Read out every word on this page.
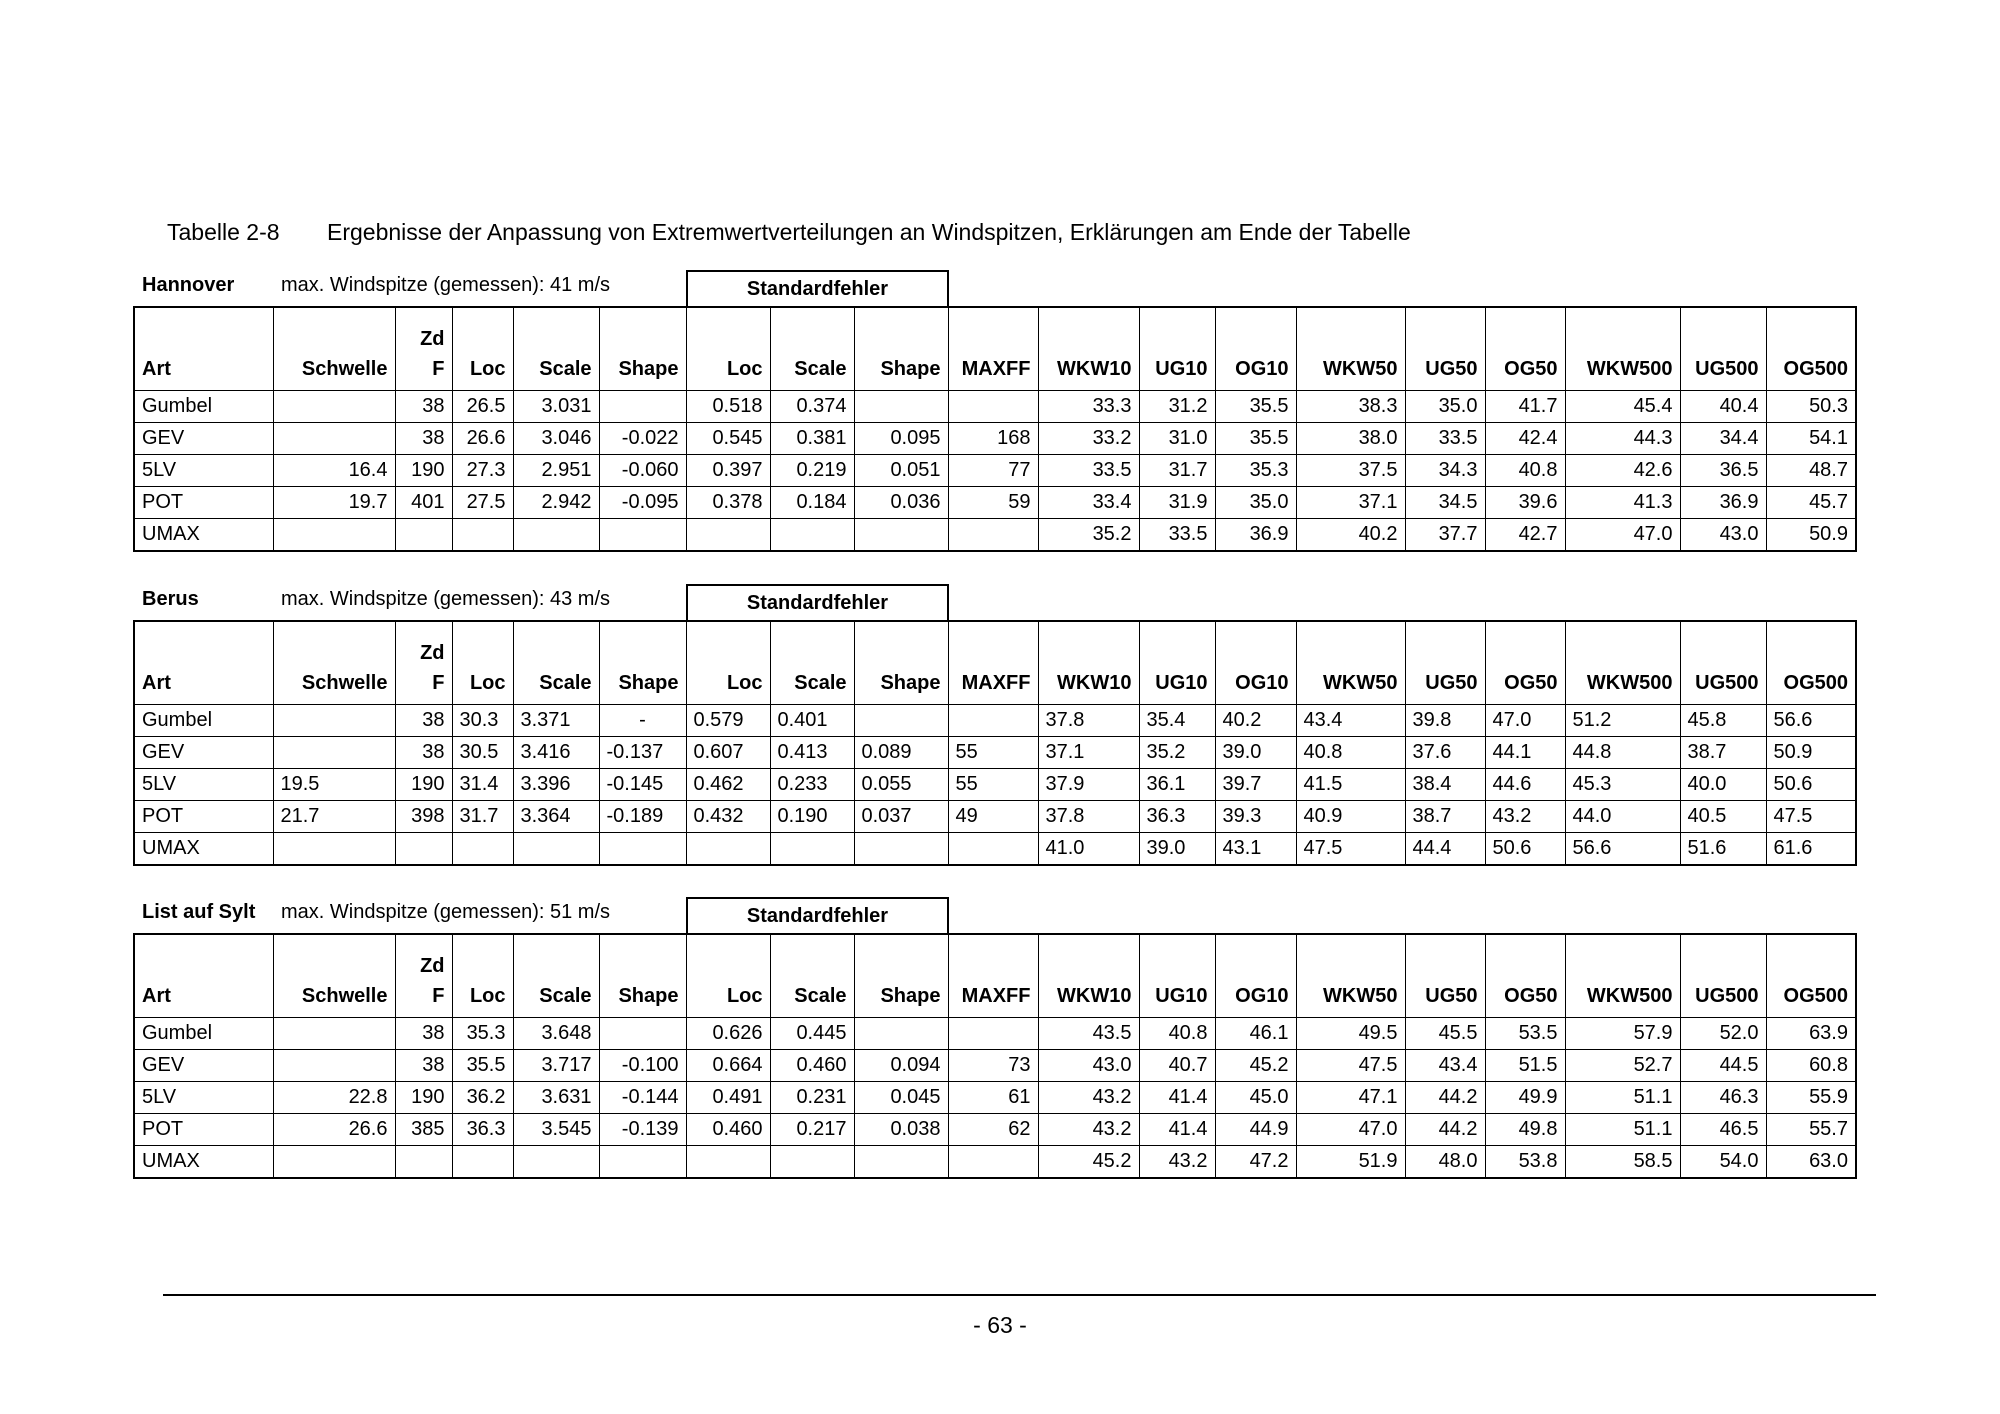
Tabelle 2-8 Ergebnisse der Anpassung von Extremwertverteilungen an Windspitzen, Erklärungen am Ende der Tabelle
Hannover max. Windspitze (gemessen): 41 m/s	Standardfehler
Art	Schwelle	Zd
F	Loc	Scale	Shape	Loc	Scale	Shape	MAXFF	WKW10	UG10	OG10	WKW50	UG50	OG50	WKW500	UG500	OG500
Gumbel		38	26.5	3.031		0.518	0.374			33.3	31.2	35.5	38.3	35.0	41.7	45.4	40.4	50.3
GEV		38	26.6	3.046	-0.022	0.545	0.381	0.095	168	33.2	31.0	35.5	38.0	33.5	42.4	44.3	34.4	54.1
5LV	16.4	190	27.3	2.951	-0.060	0.397	0.219	0.051	77	33.5	31.7	35.3	37.5	34.3	40.8	42.6	36.5	48.7
POT	19.7	401	27.5	2.942	-0.095	0.378	0.184	0.036	59	33.4	31.9	35.0	37.1	34.5	39.6	41.3	36.9	45.7
UMAX										35.2	33.5	36.9	40.2	37.7	42.7	47.0	43.0	50.9
Berus	max. Windspitze (gemessen): 43 m/s	Standardfehler
Art	Schwelle	Zd
F	Loc	Scale	Shape	Loc	Scale	Shape	MAXFF	WKW10	UG10	OG10	WKW50	UG50	OG50	WKW500	UG500	OG500
Gumbel		38	30.3	3.371	-	0.579	0.401			37.8	35.4	40.2	43.4	39.8	47.0	51.2	45.8	56.6
GEV		38	30.5	3.416	-0.137	0.607	0.413	0.089	55	37.1	35.2	39.0	40.8	37.6	44.1	44.8	38.7	50.9
5LV	19.5	190	31.4	3.396	-0.145	0.462	0.233	0.055	55	37.9	36.1	39.7	41.5	38.4	44.6	45.3	40.0	50.6
POT	21.7	398	31.7	3.364	-0.189	0.432	0.190	0.037	49	37.8	36.3	39.3	40.9	38.7	43.2	44.0	40.5	47.5
UMAX										41.0	39.0	43.1	47.5	44.4	50.6	56.6	51.6	61.6
List auf Sylt max. Windspitze (gemessen): 51 m/s	Standardfehler
Art	Schwelle	Zd
F	Loc	Scale	Shape	Loc	Scale	Shape	MAXFF	WKW10	UG10	OG10	WKW50	UG50	OG50	WKW500	UG500	OG500
Gumbel		38	35.3	3.648		0.626	0.445			43.5	40.8	46.1	49.5	45.5	53.5	57.9	52.0	63.9
GEV		38	35.5	3.717	-0.100	0.664	0.460	0.094	73	43.0	40.7	45.2	47.5	43.4	51.5	52.7	44.5	60.8
5LV	22.8	190	36.2	3.631	-0.144	0.491	0.231	0.045	61	43.2	41.4	45.0	47.1	44.2	49.9	51.1	46.3	55.9
POT	26.6	385	36.3	3.545	-0.139	0.460	0.217	0.038	62	43.2	41.4	44.9	47.0	44.2	49.8	51.1	46.5	55.7
UMAX										45.2	43.2	47.2	51.9	48.0	53.8	58.5	54.0	63.0
- 63 -
